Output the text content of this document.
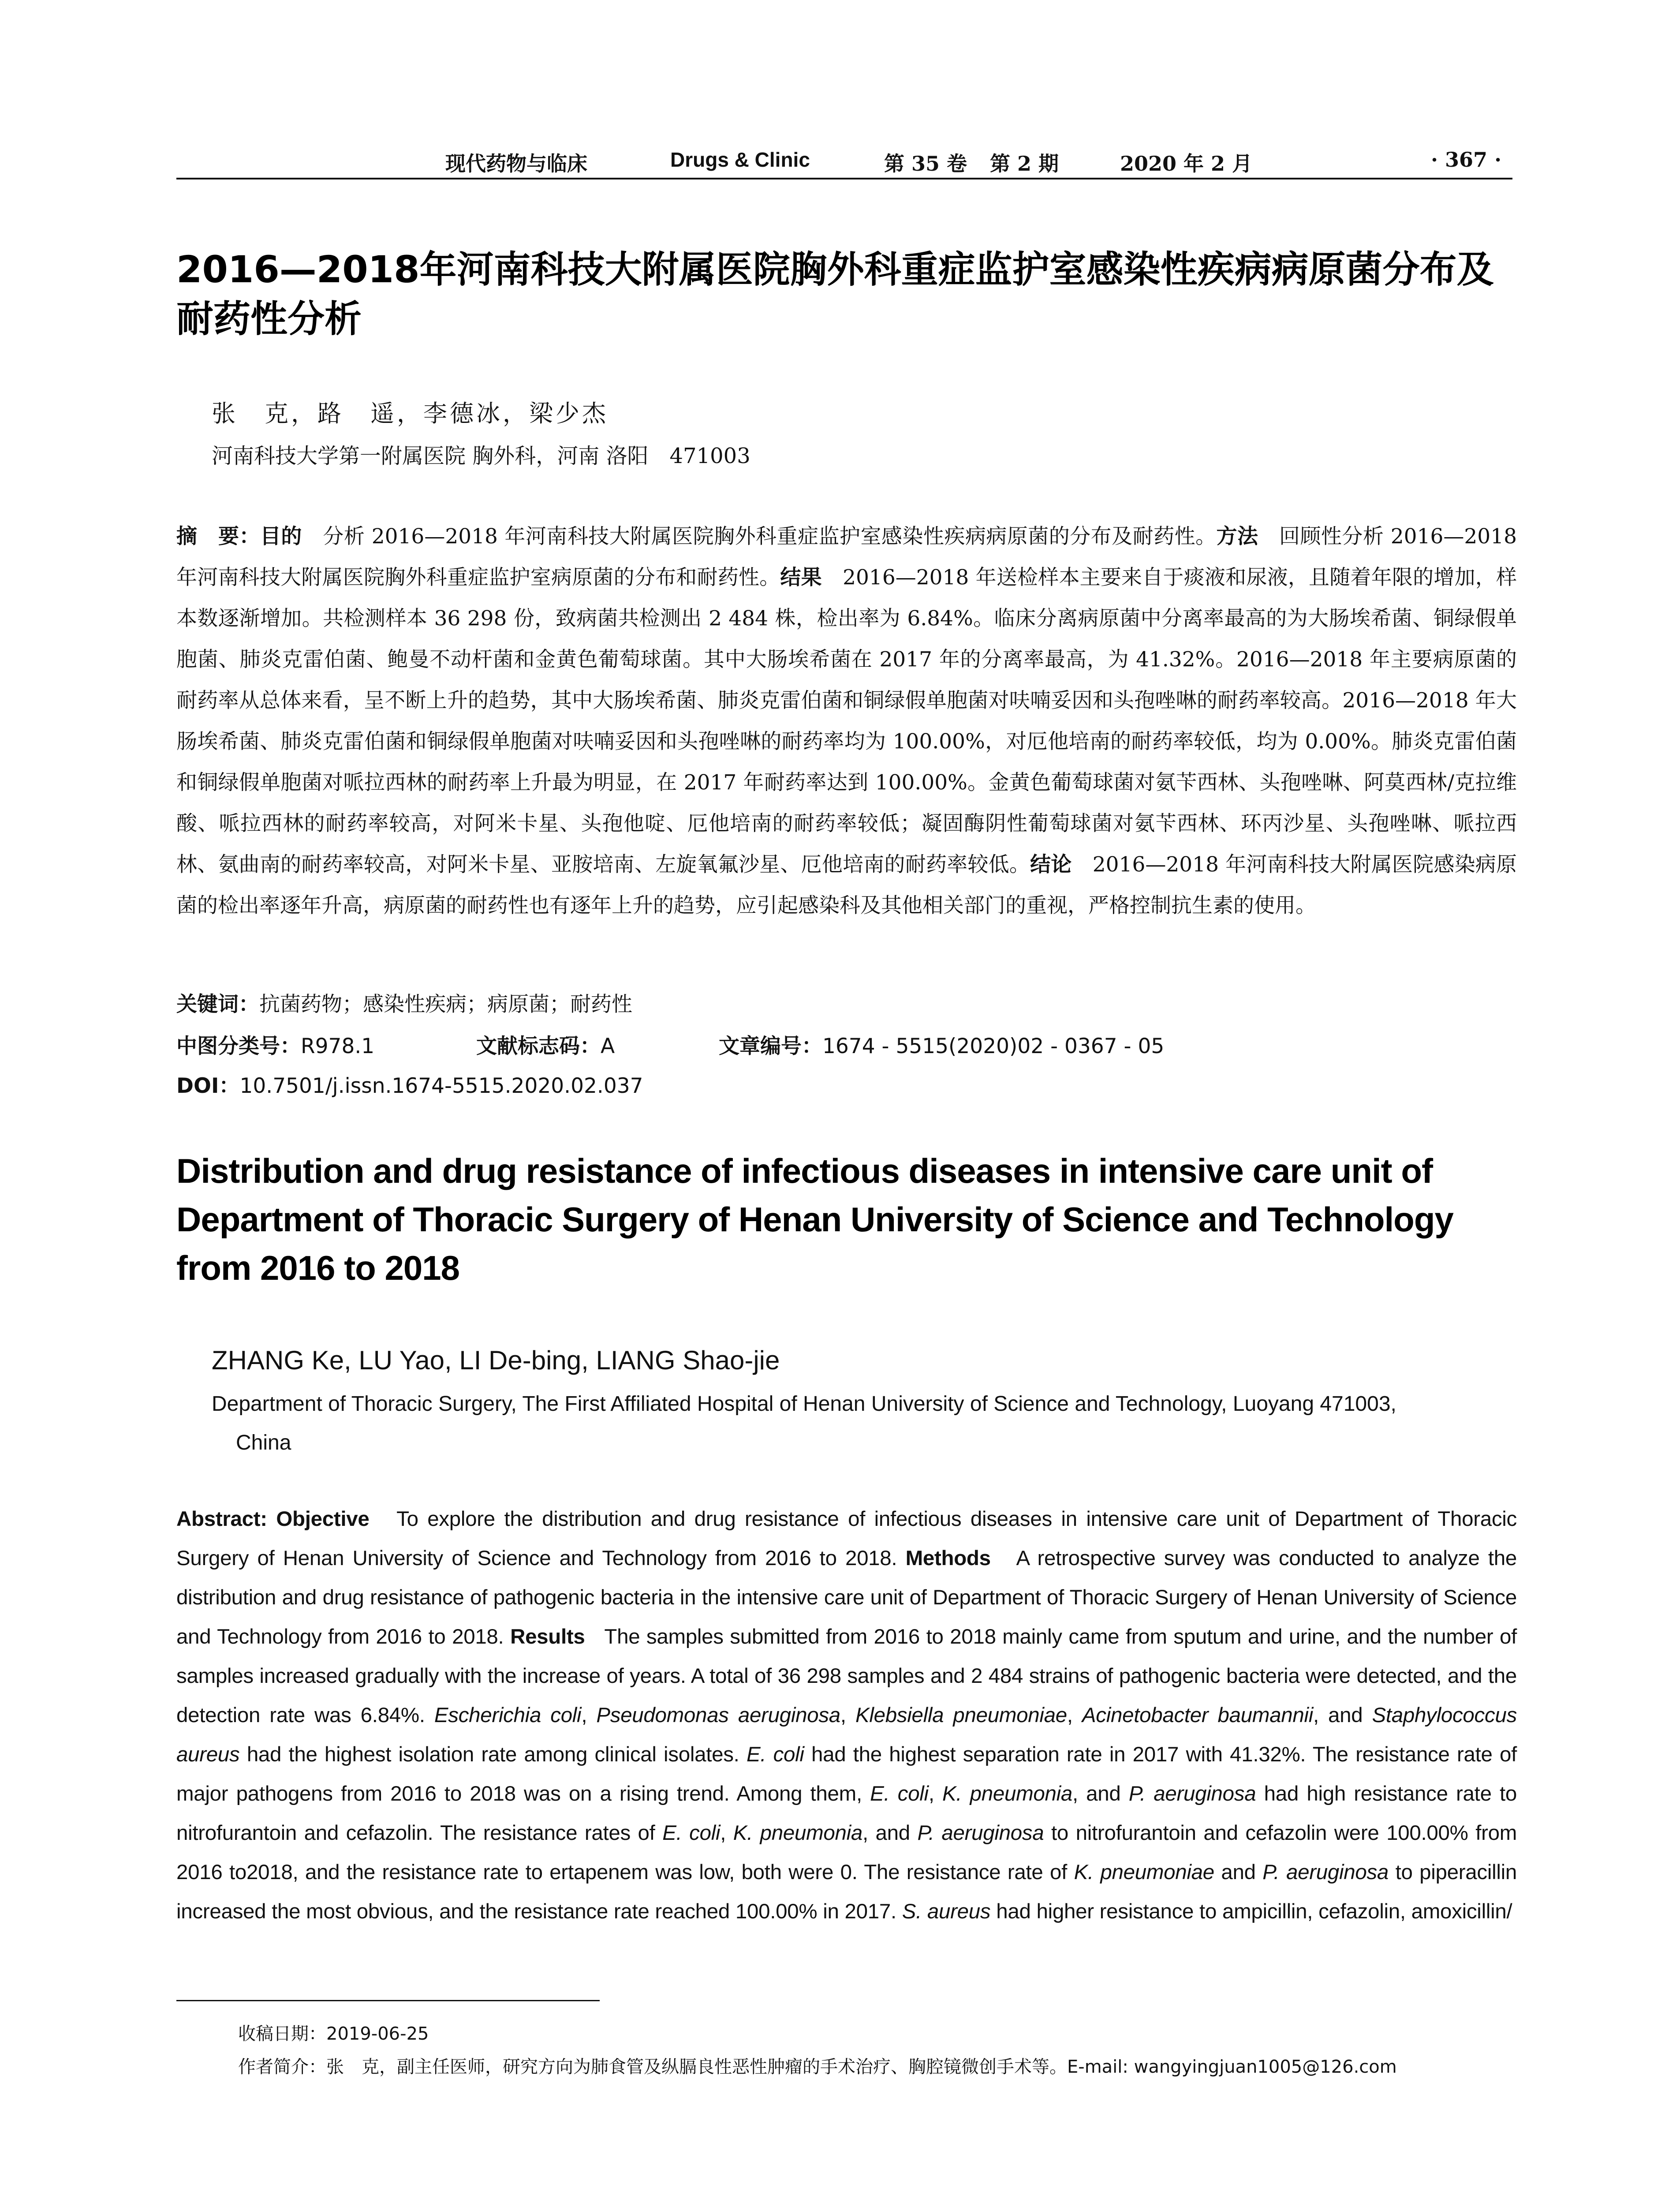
现代药物与临床	Drugs & Clinic	第 35 卷 第 2 期	2020 年 2 月	· 367 ·
2016—2018年河南科技大附属医院胸外科重症监护室感染性疾病病原菌分布及耐药性分析
张　克，路　遥，李德冰，梁少杰
河南科技大学第一附属医院 胸外科，河南 洛阳　471003
摘　要：目的　 分析 2016—2018 年河南科技大附属医院胸外科重症监护室感染性疾病病原菌的分布及耐药性。方法　 回顾性分析 2016—2018 年河南科技大附属医院胸外科重症监护室病原菌的分布和耐药性。结果　 2016—2018 年送检样本主要来自于痰液和尿液，且随着年限的增加，样本数逐渐增加。共检测样本 36 298 份，致病菌共检测出 2 484 株，检出率为 6.84%。临床分离病原菌中分离率最高的为大肠埃希菌、铜绿假单胞菌、肺炎克雷伯菌、鲍曼不动杆菌和金黄色葡萄球菌。其中大肠埃希菌在 2017 年的分离率最高，为 41.32%。2016—2018 年主要病原菌的耐药率从总体来看，呈不断上升的趋势，其中大肠埃希菌、肺炎克雷伯菌和铜绿假单胞菌对呋喃妥因和头孢唑啉的耐药率较高。2016—2018 年大肠埃希菌、肺炎克雷伯菌和铜绿假单胞菌对呋喃妥因和头孢唑啉的耐药率均为 100.00%，对厄他培南的耐药率较低，均为 0.00%。肺炎克雷伯菌和铜绿假单胞菌对哌拉西林的耐药率上升最为明显，在 2017 年耐药率达到 100.00%。金黄色葡萄球菌对氨苄西林、头孢唑啉、阿莫西林/克拉维酸、哌拉西林的耐药率较高，对阿米卡星、头孢他啶、厄他培南的耐药率较低；凝固酶阴性葡萄球菌对氨苄西林、环丙沙星、头孢唑啉、哌拉西林、氨曲南的耐药率较高，对阿米卡星、亚胺培南、左旋氧氟沙星、厄他培南的耐药率较低。结论　 2016—2018 年河南科技大附属医院感染病原菌的检出率逐年升高，病原菌的耐药性也有逐年上升的趋势，应引起感染科及其他相关部门的重视，严格控制抗生素的使用。
关键词：抗菌药物；感染性疾病；病原菌；耐药性
中图分类号：R978.1	文献标志码：A	文章编号：1674 - 5515(2020)02 - 0367 - 05
DOI：10.7501/j.issn.1674-5515.2020.02.037
Distribution and drug resistance of infectious diseases in intensive care unit of Department of Thoracic Surgery of Henan University of Science and Technology from 2016 to 2018
ZHANG Ke, LU Yao, LI De-bing, LIANG Shao-jie
Department of Thoracic Surgery, The First Affiliated Hospital of Henan University of Science and Technology, Luoyang 471003,
China
Abstract: Objective To explore the distribution and drug resistance of infectious diseases in intensive care unit of Department of Thoracic Surgery of Henan University of Science and Technology from 2016 to 2018. Methods A retrospective survey was conducted to analyze the distribution and drug resistance of pathogenic bacteria in the intensive care unit of Department of Thoracic Surgery of Henan University of Science and Technology from 2016 to 2018. Results The samples submitted from 2016 to 2018 mainly came from sputum and urine, and the number of samples increased gradually with the increase of years. A total of 36 298 samples and 2 484 strains of pathogenic bacteria were detected, and the detection rate was 6.84%. Escherichia coli, Pseudomonas aeruginosa, Klebsiella pneumoniae, Acinetobacter baumannii, and Staphylococcus aureus had the highest isolation rate among clinical isolates. E. coli had the highest separation rate in 2017 with 41.32%. The resistance rate of major pathogens from 2016 to 2018 was on a rising trend. Among them, E. coli, K. pneumonia, and P. aeruginosa had high resistance rate to nitrofurantoin and cefazolin. The resistance rates of E. coli, K. pneumonia, and P. aeruginosa to nitrofurantoin and cefazolin were 100.00% from 2016 to2018, and the resistance rate to ertapenem was low, both were 0. The resistance rate of K. pneumoniae and P. aeruginosa to piperacillin increased the most obvious, and the resistance rate reached 100.00% in 2017. S. aureus had higher resistance to ampicillin, cefazolin, amoxicillin/
收稿日期：2019-06-25
作者简介：张　克，副主任医师，研究方向为肺食管及纵膈良性恶性肿瘤的手术治疗、胸腔镜微创手术等。E-mail: wangyingjuan1005@126.com
